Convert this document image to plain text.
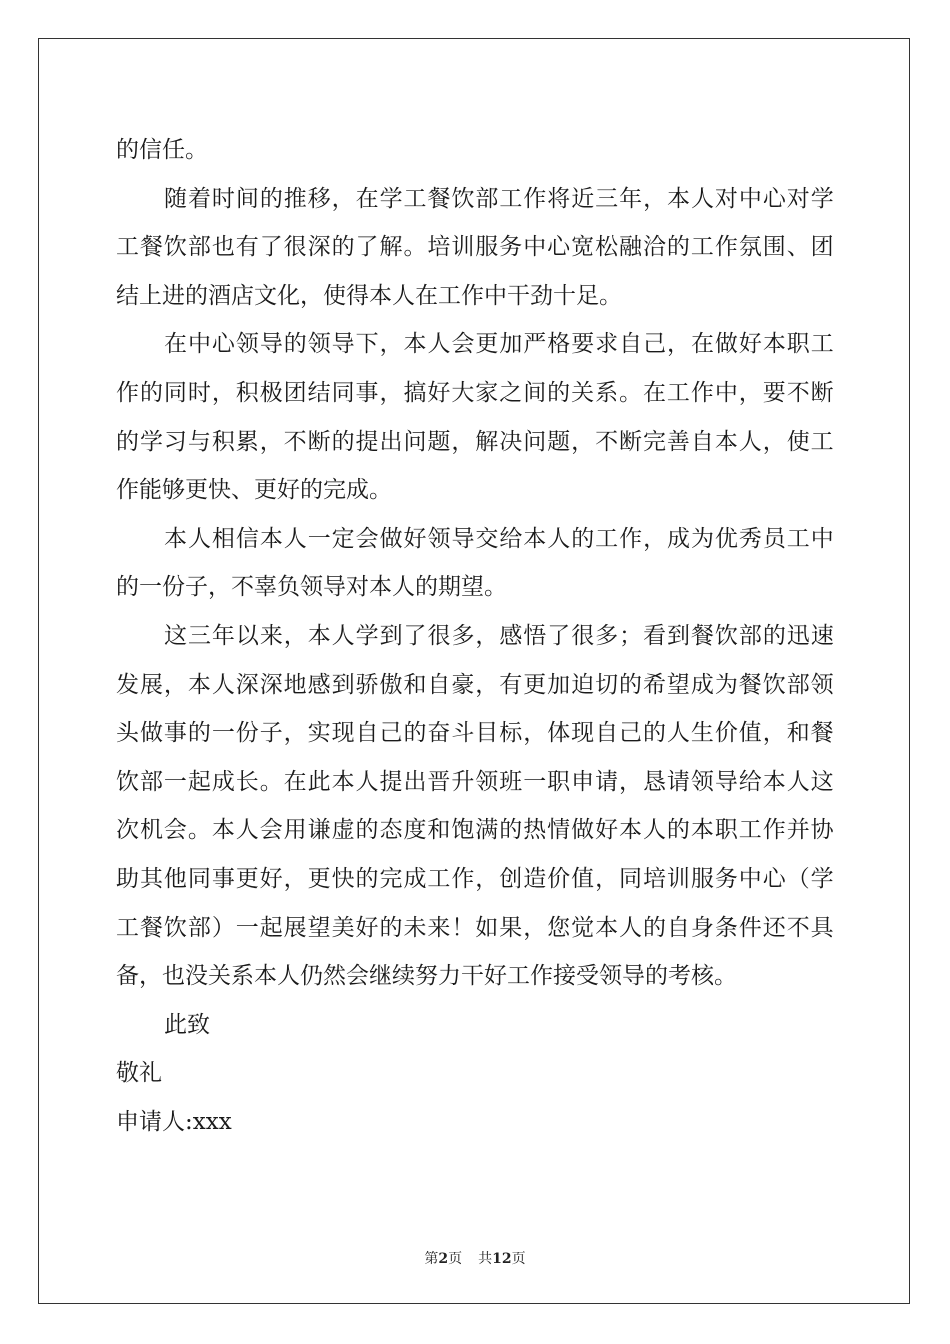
的信任。
随 着 时 间 的 推 移 ， 在 学 工 餐 饮 部 工 作 将 近 三 年 ， 本 人 对 中 心 对 学
工 餐 饮 部 也 有 了 很 深 的 了 解 。 培 训 服 务 中 心 宽 松 融 洽 的 工 作 氛 围 、 团
结上进的酒店文化，使得本人在工作中干劲十足。
在 中 心 领 导 的 领 导 下 ， 本 人 会 更 加 严 格 要 求 自 己 ， 在 做 好 本 职 工
作 的 同 时 ， 积 极 团 结 同 事 ， 搞 好 大 家 之 间 的 关 系 。 在 工 作 中 ， 要 不 断
的 学 习 与 积 累 ， 不 断 的 提 出 问 题 ， 解 决 问 题 ， 不 断 完 善 自 本 人 ， 使 工
作能够更快、更好的完成。
本 人 相 信 本 人 一 定 会 做 好 领 导 交 给 本 人 的 工 作 ， 成 为 优 秀 员 工 中
的一份子，不辜负领导对本人的期望。
这 三 年 以 来 ， 本 人 学 到 了 很 多 ， 感 悟 了 很 多 ； 看 到 餐 饮 部 的 迅 速
发 展 ， 本 人 深 深 地 感 到 骄 傲 和 自 豪 ， 有 更 加 迫 切 的 希 望 成 为 餐 饮 部 领
头 做 事 的 一 份 子 ， 实 现 自 己 的 奋 斗 目 标 ， 体 现 自 己 的 人 生 价 值 ， 和 餐
饮 部 一 起 成 长 。 在 此 本 人 提 出 晋 升 领 班 一 职 申 请 ， 恳 请 领 导 给 本 人 这
次 机 会 。 本 人 会 用 谦 虚 的 态 度 和 饱 满 的 热 情 做 好 本 人 的 本 职 工 作 并 协
助 其 他 同 事 更 好 ， 更 快 的 完 成 工 作 ， 创 造 价 值 ， 同 培 训 服 务 中 心 （ 学
工 餐 饮 部 ） 一 起 展 望 美 好 的 未 来 ！ 如 果 ， 您 觉 本 人 的 自 身 条 件 还 不 具
备，也没关系本人仍然会继续努力干好工作接受领导的考核。
此致
敬礼
申请人:xxx
第2页 共12页
